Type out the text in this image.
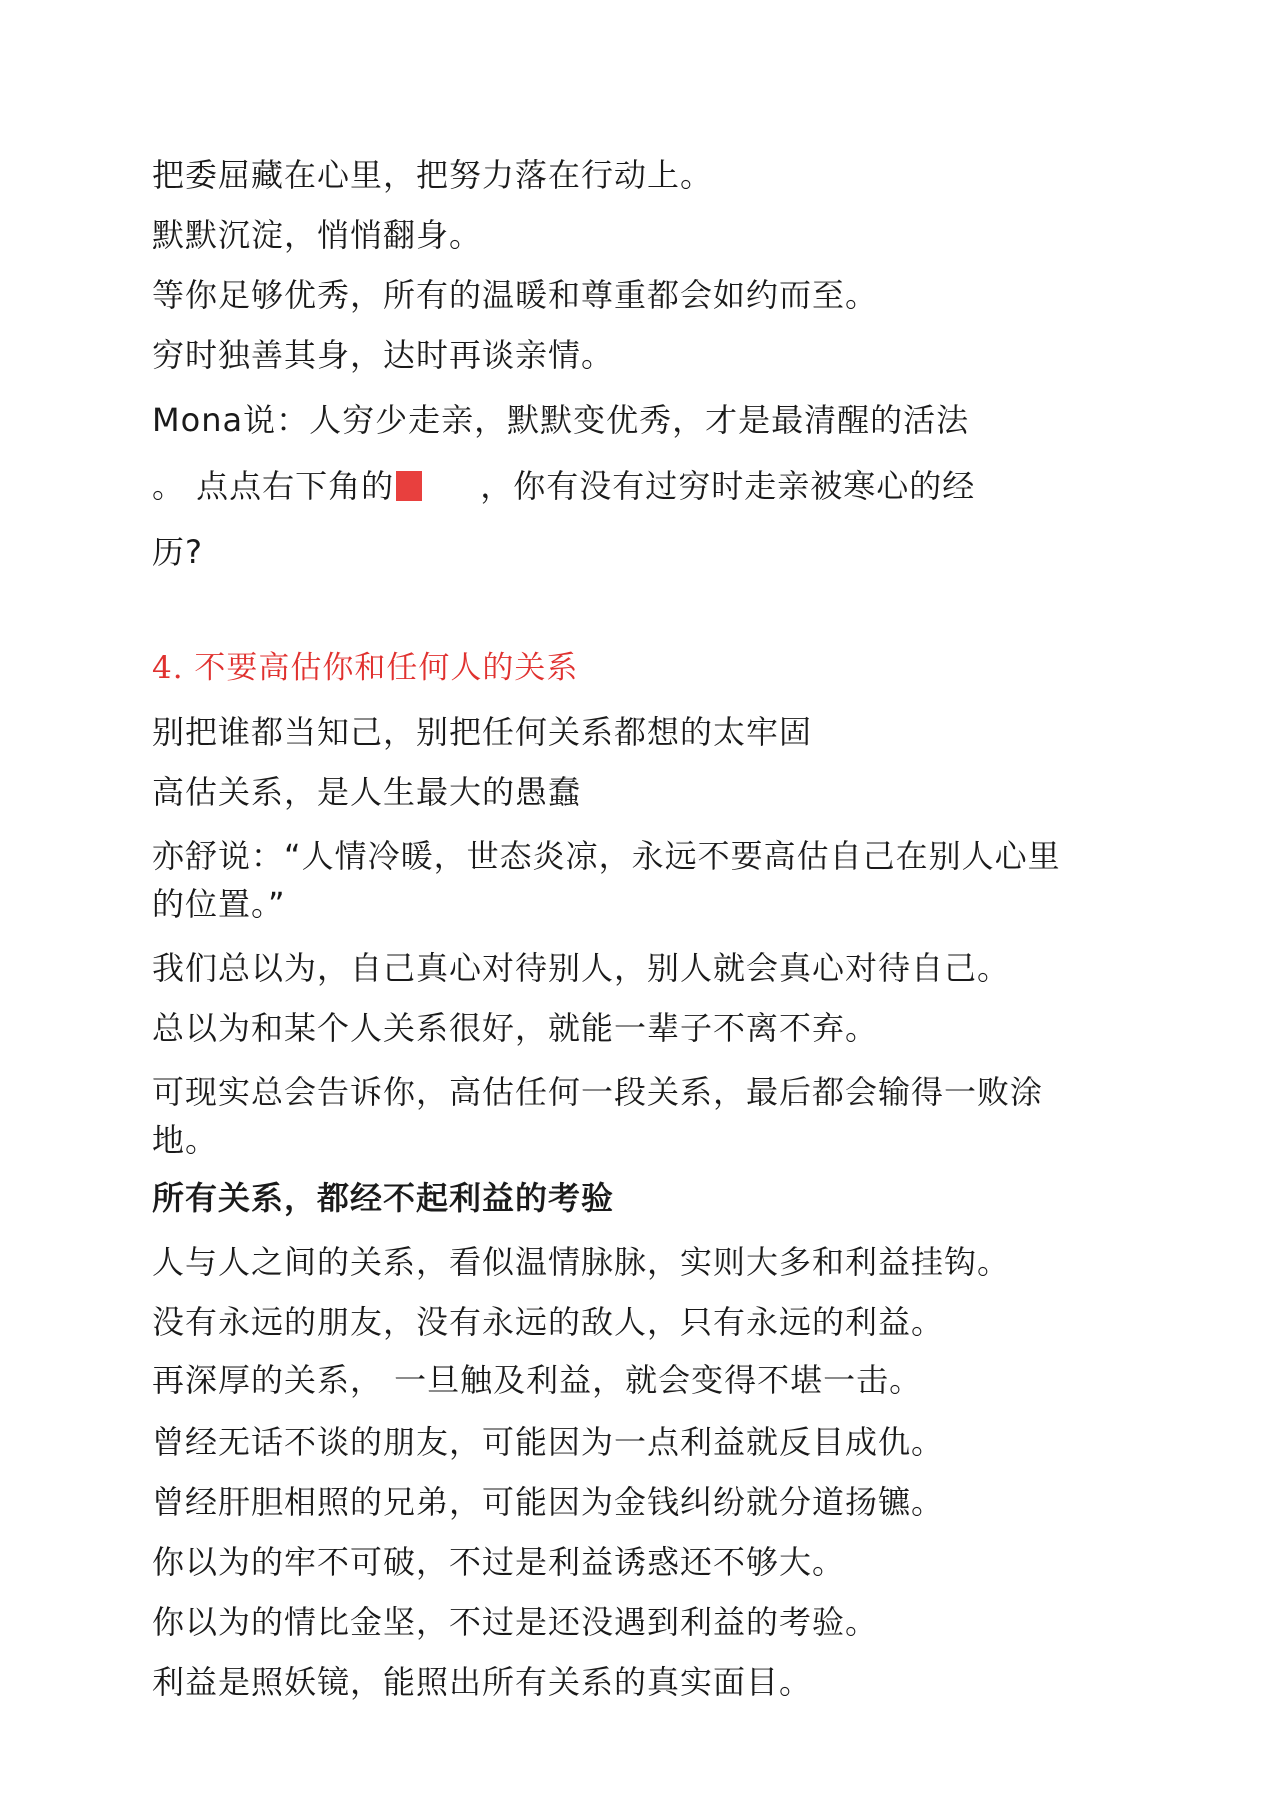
把委屈藏在心里，把努力落在行动上。
默默沉淀，悄悄翻身。
等你足够优秀，所有的温暖和尊重都会如约而至。
穷时独善其身，达时再谈亲情。
Mona说：人穷少走亲，默默变优秀，才是最清醒的活法
。 点点右下角的	，你有没有过穷时走亲被寒心的经
历?
4. 不要高估你和任何人的关系
别把谁都当知己，别把任何关系都想的太牢固
高估关系，是人生最大的愚蠢
亦舒说：“人情冷暖，世态炎凉，永远不要高估自己在别人心里
的位置。”
我们总以为，自己真心对待别人，别人就会真心对待自己。
总以为和某个人关系很好，就能一辈子不离不弃。
可现实总会告诉你，高估任何一段关系，最后都会输得一败涂
地。
所有关系，都经不起利益的考验
人与人之间的关系，看似温情脉脉，实则大多和利益挂钩。
没有永远的朋友，没有永远的敌人，只有永远的利益。
再深厚的关系， 一旦触及利益，就会变得不堪一击。
曾经无话不谈的朋友，可能因为一点利益就反目成仇。
曾经肝胆相照的兄弟，可能因为金钱纠纷就分道扬镳。
你以为的牢不可破，不过是利益诱惑还不够大。
你以为的情比金坚，不过是还没遇到利益的考验。
利益是照妖镜，能照出所有关系的真实面目。
